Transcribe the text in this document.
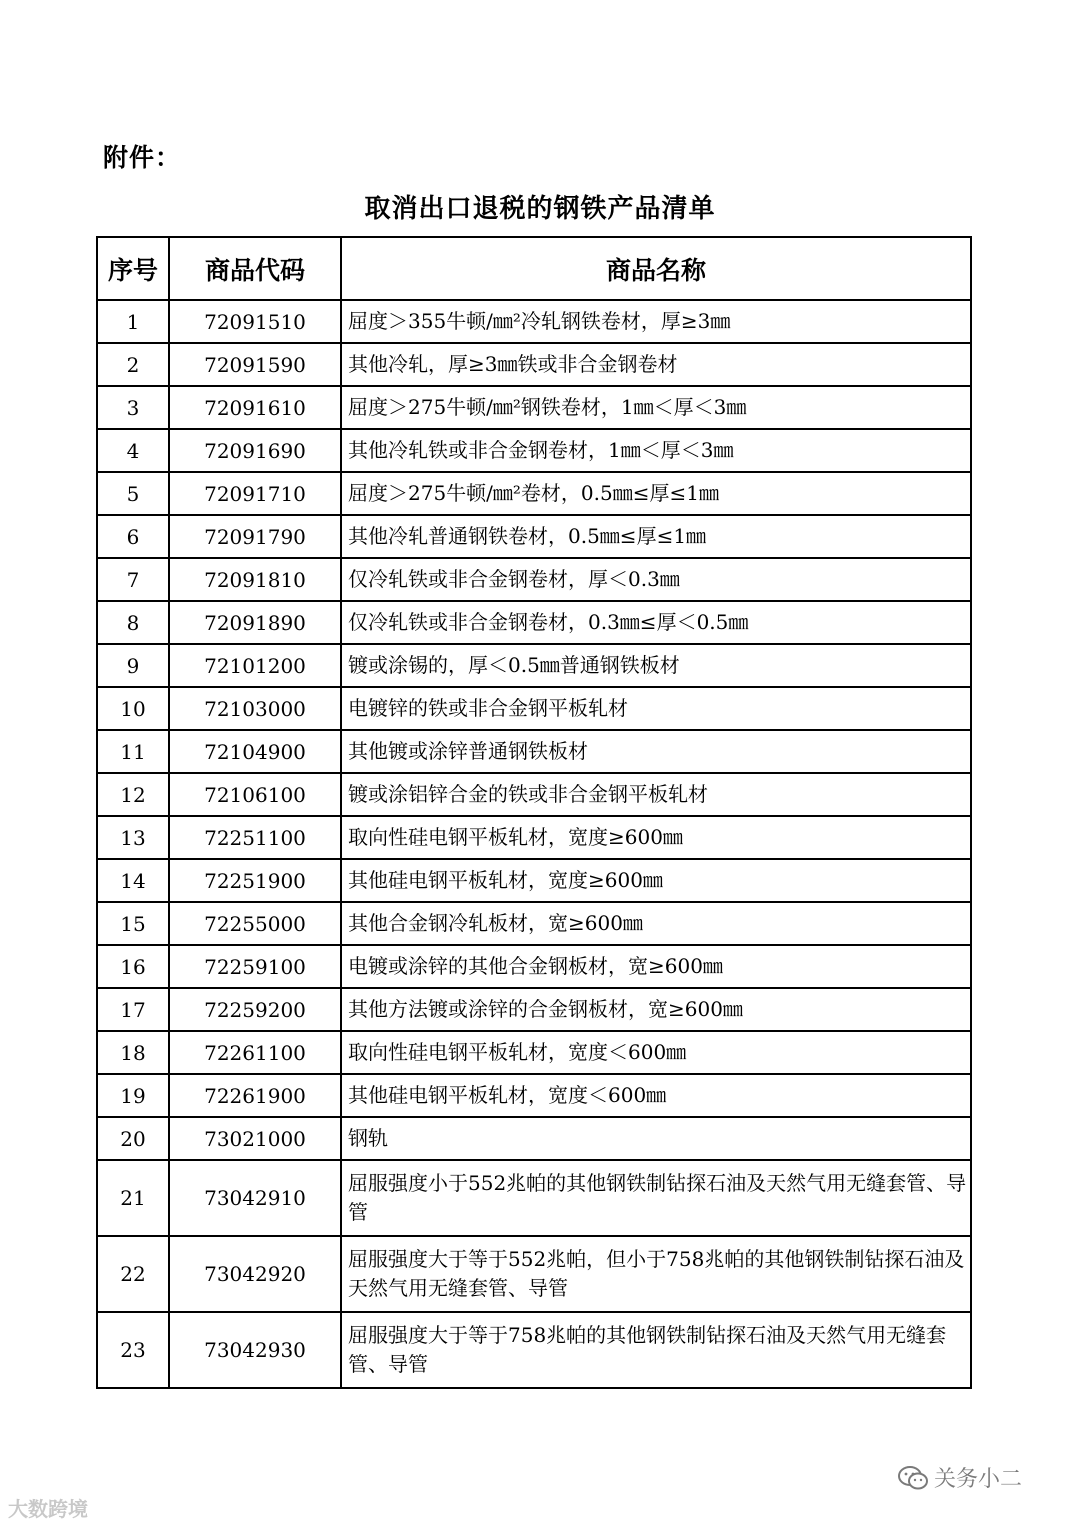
附件：
取消出口退税的钢铁产品清单
序号	商品代码	商品名称
1	72091510	屈度＞355牛顿/㎜²冷轧钢铁卷材，厚≥3㎜
2	72091590	其他冷轧，厚≥3㎜铁或非合金钢卷材
3	72091610	屈度＞275牛顿/㎜²钢铁卷材，1㎜＜厚＜3㎜
4	72091690	其他冷轧铁或非合金钢卷材，1㎜＜厚＜3㎜
5	72091710	屈度＞275牛顿/㎜²卷材，0.5㎜≤厚≤1㎜
6	72091790	其他冷轧普通钢铁卷材，0.5㎜≤厚≤1㎜
7	72091810	仅冷轧铁或非合金钢卷材，厚＜0.3㎜
8	72091890	仅冷轧铁或非合金钢卷材，0.3㎜≤厚＜0.5㎜
9	72101200	镀或涂锡的，厚＜0.5㎜普通钢铁板材
10	72103000	电镀锌的铁或非合金钢平板轧材
11	72104900	其他镀或涂锌普通钢铁板材
12	72106100	镀或涂铝锌合金的铁或非合金钢平板轧材
13	72251100	取向性硅电钢平板轧材，宽度≥600㎜
14	72251900	其他硅电钢平板轧材，宽度≥600㎜
15	72255000	其他合金钢冷轧板材，宽≥600㎜
16	72259100	电镀或涂锌的其他合金钢板材，宽≥600㎜
17	72259200	其他方法镀或涂锌的合金钢板材，宽≥600㎜
18	72261100	取向性硅电钢平板轧材，宽度＜600㎜
19	72261900	其他硅电钢平板轧材，宽度＜600㎜
20	73021000	钢轨
21	73042910	屈服强度小于552兆帕的其他钢铁制钻探石油及天然气用无缝套管、导管
22	73042920	屈服强度大于等于552兆帕，但小于758兆帕的其他钢铁制钻探石油及天然气用无缝套管、导管
23	73042930	屈服强度大于等于758兆帕的其他钢铁制钻探石油及天然气用无缝套管、导管
大数跨境
关务小二
